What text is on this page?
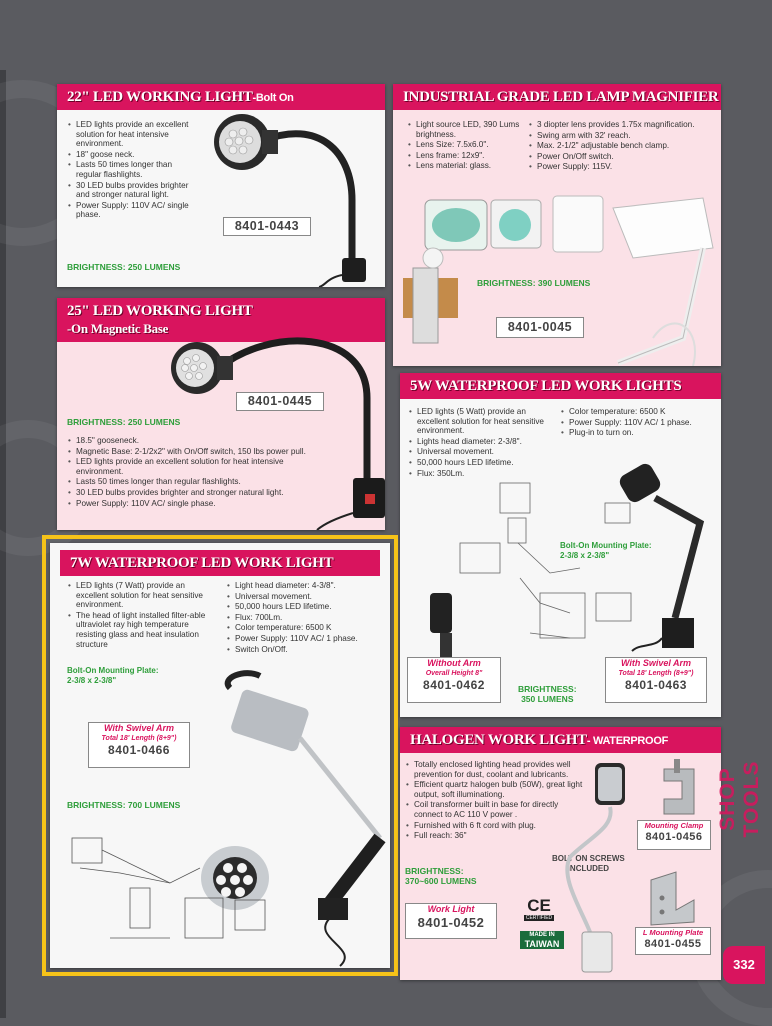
22" LED WORKING LIGHT-Bolt On
• LED lights provide an excellent solution for heat intensive environment.
• 18" goose neck.
• Lasts 50 times longer than regular flashlights.
• 30 LED bulbs provides brighter and stronger natural light.
• Power Supply: 110V AC/ single phase.
8401-0443
BRIGHTNESS: 250 LUMENS
INDUSTRIAL GRADE LED LAMP MAGNIFIER
• Light source LED, 390 Lums brightness.
• Lens Size: 7.5x6.0".
• Lens frame: 12x9".
• Lens material: glass.
• 3 diopter lens provides 1.75x magnification.
• Swing arm with 32' reach.
• Max. 2-1/2" adjustable bench clamp.
• Power On/Off switch.
• Power Supply: 115V.
BRIGHTNESS: 390 LUMENS
8401-0045
25" LED WORKING LIGHT
-On Magnetic Base
BRIGHTNESS: 250 LUMENS
8401-0445
• 18.5" gooseneck.
• Magnetic Base: 2-1/2x2" with On/Off switch, 150 lbs power pull.
• LED lights provide an excellent solution for heat intensive environment.
• Lasts 50 times longer than regular flashlights.
• 30 LED bulbs provides brighter and stronger natural light.
• Power Supply: 110V AC/ single phase.
5W WATERPROOF LED WORK LIGHTS
• LED lights (5 Watt) provide an excellent solution for heat sensitive environment.
• Lights head diameter: 2-3/8".
• Universal movement.
• 50,000 hours LED lifetime.
• Flux: 350Lm.
• Color temperature: 6500 K
• Power Supply: 110V AC/ 1 phase.
• Plug-in to turn on.
Bolt-On Mounting Plate:
2-3/8 x 2-3/8"
Without Arm
Overall Height 8"
8401-0462	BRIGHTNESS:
350 LUMENS
With Swivel Arm
Total 18' Length (8+9")
8401-0463
7W WATERPROOF LED WORK LIGHT
• LED lights (7 Watt) provide an excellent solution for heat sensitive environment.
• The head of light installed filter-able ultraviolet ray high temperature resisting glass and heat insulation structure
• Light head diameter: 4-3/8".
• Universal movement.
• 50,000 hours LED lifetime.
• Flux: 700Lm.
• Color temperature: 6500 K
• Power Supply: 110V AC/ 1 phase.
• Switch On/Off.
Bolt-On Mounting Plate:
2-3/8 x 2-3/8"
With Swivel Arm
Total 18' Length (8+9")
8401-0466
BRIGHTNESS: 700 LUMENS
HALOGEN WORK LIGHT- WATERPROOF
• Totally enclosed lighting head provides well prevention for dust, coolant and lubricants.
• Efficient quartz halogen bulb (50W), great light output, soft illuminationg.
• Coil transformer built in base for directly connect to AC 110 V power .
• Furnished with 6 ft cord with plug.
• Full reach: 36"
BRIGHTNESS:
370~600 LUMENS
BOLT ON SCREWS
INCLUDED
Mounting Clamp
8401-0456
L Mounting Plate
8401-0455
Work Light
8401-0452
CE
CERTIFIED
MADE IN
TAIWAN
SHOP TOOLS
332
